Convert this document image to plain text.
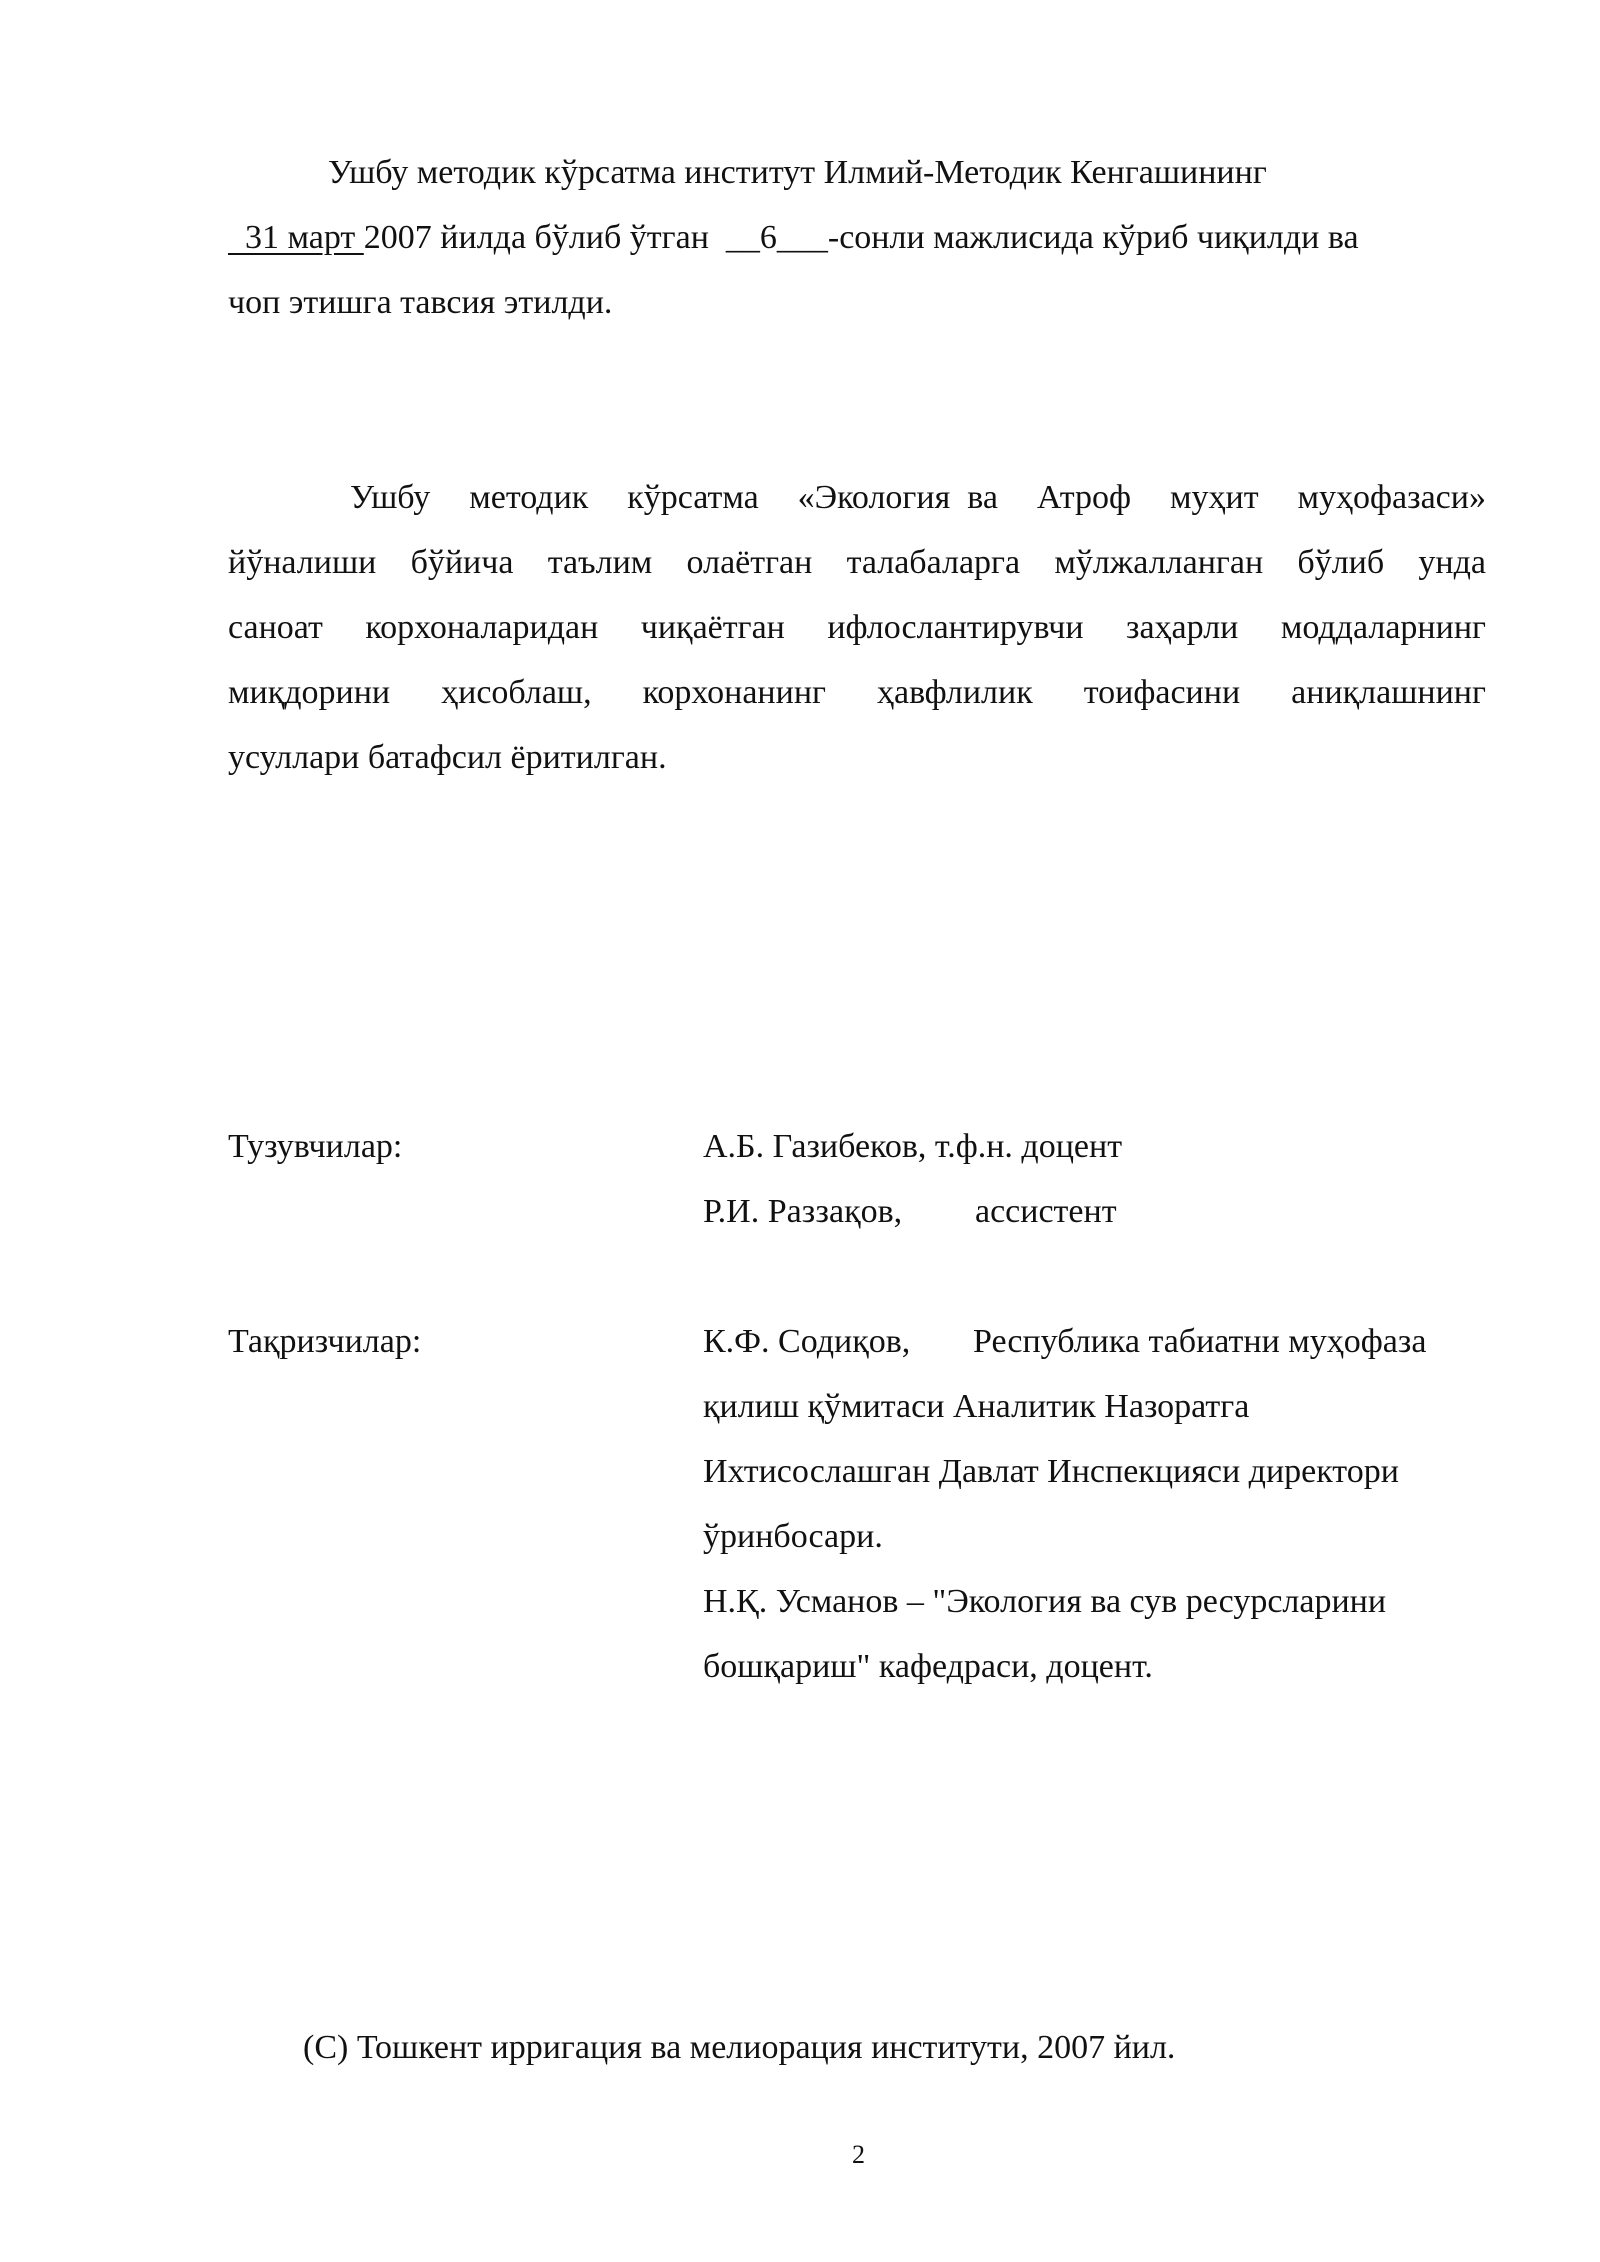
Ушбу методик кўрсатма институт Илмий-Методик Кенгашининг
31 март 2007 йилда бўлиб ўтган  __6___-сонли мажлисида кўриб чиқилди ва
чоп этишга тавсия этилди.
Ушбу методик кўрсатма «Экология  ва Атроф муҳит муҳофазаси»
йўналиши бўйича таълим олаётган талабаларга мўлжалланган бўлиб унда
саноат корхоналаридан чиқаётган ифлослантирувчи заҳарли моддаларнинг
миқдорини ҳисоблаш, корхонанинг ҳавфлилик тоифасини аниқлашнинг
усуллари батафсил ёритилган.
Тузувчилар:	А.Б. Газибеков, т.ф.н. доцент
Р.И. Раззақов, ассистент
Тақризчилар:	К.Ф. Содиқов, Республика табиатни муҳофаза
қилиш қўмитаси Аналитик Назоратга
Ихтисослашган Давлат Инспекцияси директори
ўринбосари.
Н.Қ. Усманов – "Экология ва сув ресурсларини
бошқариш" кафедраси, доцент.
(С) Тошкент ирригация ва мелиорация институти, 2007 йил.
2
